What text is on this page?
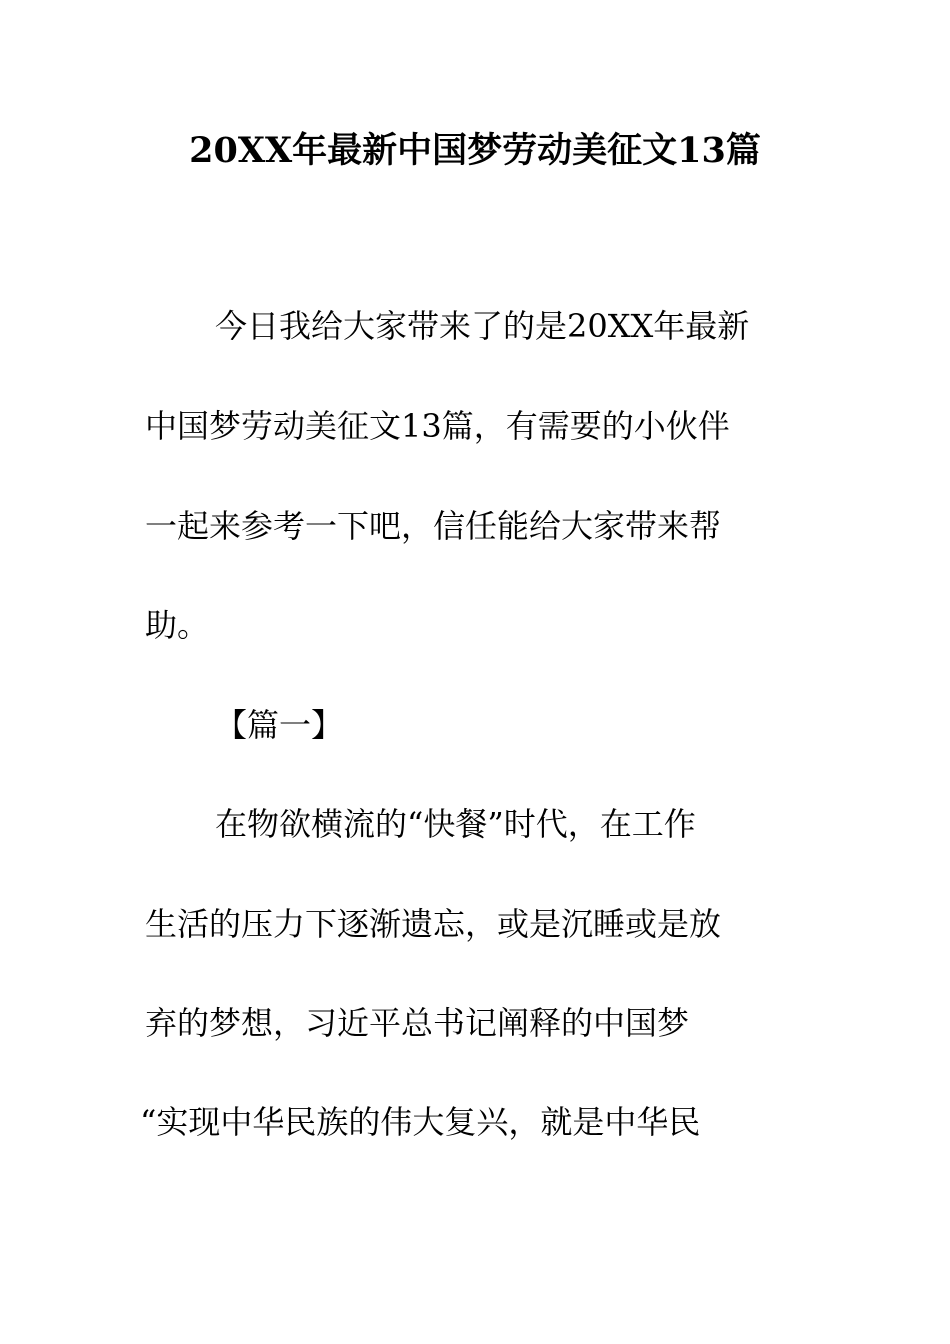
20XX年最新中国梦劳动美征文13篇
今日我给大家带来了的是20XX年最新
中国梦劳动美征文13篇，有需要的小伙伴
一起来参考一下吧，信任能给大家带来帮
助。
【篇一】
在物欲横流的“快餐”时代，在工作
生活的压力下逐渐遗忘，或是沉睡或是放
弃的梦想，习近平总书记阐释的中国梦
“实现中华民族的伟大复兴，就是中华民
